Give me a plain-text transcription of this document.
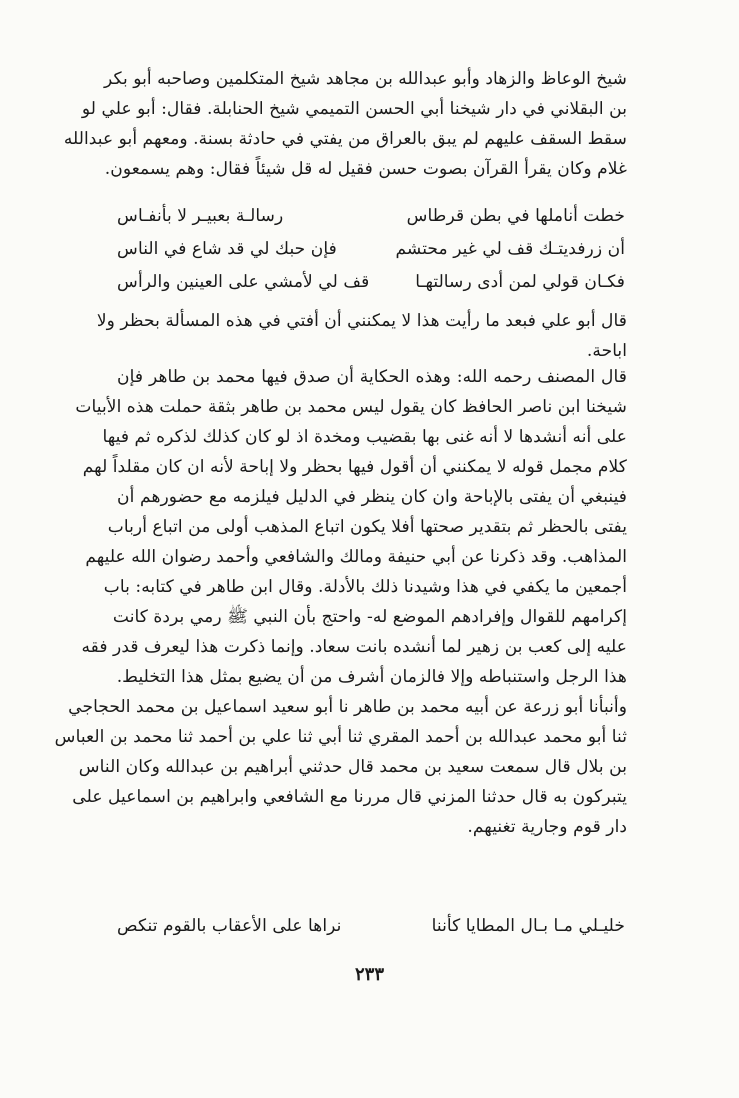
شيخ الوعاظ والزهاد وأبو عبدالله بن مجاهد شيخ المتكلمين وصاحبه أبو بكر
بن البقلاني في دار شيخنا أبي الحسن التميمي شيخ الحنابلة. فقال: أبو علي لو
سقط السقف عليهم لم يبق بالعراق من يفتي في حادثة بسنة. ومعهم أبو عبدالله
غلام وكان يقرأ القرآن بصوت حسن فقيل له قل شيئاً فقال: وهم يسمعون.
خطت أناملها في بطن قرطاس
رسالـة بعبيـر لا بأنفـاس
أن زرفديتـك قف لي غير محتشم
فإن حبك لي قد شاع في الناس
فكـان قولي لمن أدى رسالتهـا
قف لي لأمشي على العينين والرأس
قال أبو علي فبعد ما رأيت هذا لا يمكنني أن أفتي في هذه المسألة بحظر ولا
اباحة.
قال المصنف رحمه الله: وهذه الحكاية أن صدق فيها محمد بن طاهر فإن
شيخنا ابن ناصر الحافظ كان يقول ليس محمد بن طاهر بثقة حملت هذه الأبيات
على أنه أنشدها لا أنه غنى بها بقضيب ومخدة اذ لو كان كذلك لذكره ثم فيها
كلام مجمل قوله لا يمكنني أن أقول فيها بحظر ولا إباحة لأنه ان كان مقلداً لهم
فينبغي أن يفتى بالإباحة وان كان ينظر في الدليل فيلزمه مع حضورهم أن
يفتى بالحظر ثم بتقدير صحتها أفلا يكون اتباع المذهب أولى من اتباع أرباب
المذاهب. وقد ذكرنا عن أبي حنيفة ومالك والشافعي وأحمد رضوان الله عليهم
أجمعين ما يكفي في هذا وشيدنا ذلك بالأدلة. وقال ابن طاهر في كتابه: باب
إكرامهم للقوال وإفرادهم الموضع له- واحتج بأن النبي ﷺ رمي بردة كانت
عليه إلى كعب بن زهير لما أنشده بانت سعاد. وإنما ذكرت هذا ليعرف قدر فقه
هذا الرجل واستنباطه وإلا فالزمان أشرف من أن يضيع بمثل هذا التخليط.
وأنبأنا أبو زرعة عن أبيه محمد بن طاهر نا أبو سعيد اسماعيل بن محمد الحجاجي
ثنا أبو محمد عبدالله بن أحمد المقري ثنا أبي ثنا علي بن أحمد ثنا محمد بن العباس
بن بلال قال سمعت سعيد بن محمد قال حدثني أبراهيم بن عبدالله وكان الناس
يتبركون به قال حدثنا المزني قال مررنا مع الشافعي وابراهيم بن اسماعيل على
دار قوم وجارية تغنيهم.
خليـلي مـا بـال المطايا كأننا
نراها على الأعقاب بالقوم تنكص
٢٣٣
